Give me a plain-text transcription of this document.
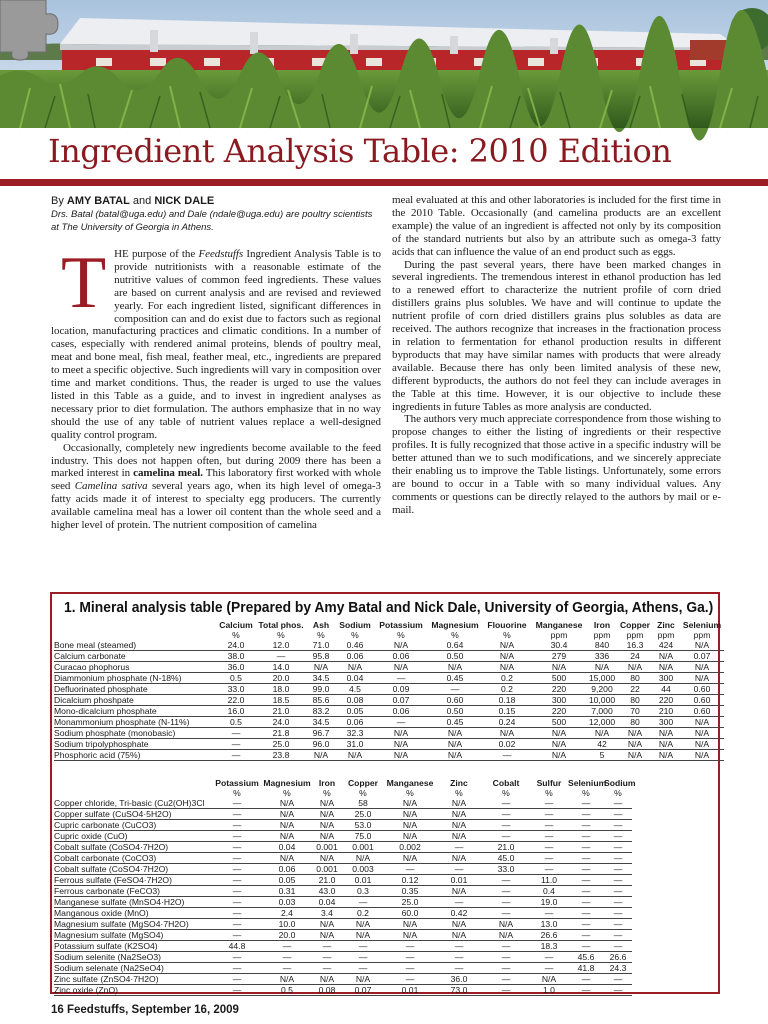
Ingredient Analysis Table: 2010 Edition
By AMY BATAL and NICK DALE
Drs. Batal (batal@uga.edu) and Dale (ndale@uga.edu) are poultry scientists at The University of Georgia in Athens.

THE purpose of the Feedstuffs Ingredient Analysis Table is to provide nutritionists with a reasonable estimate of the nutritive values of common feed ingredients. These values are based on current analysis and are revised and reviewed yearly. For each ingredient listed, significant differences in composition can and do exist due to factors such as regional location, manufacturing practices and climatic conditions. In a number of cases, especially with rendered animal proteins, blends of poultry meal, meat and bone meal, fish meal, feather meal, etc., ingredients are prepared to meet a specific objective. Such ingredients will vary in composition over time and market conditions. Thus, the reader is urged to use the values listed in this Table as a guide, and to invest in ingredient analyses as necessary prior to diet formulation. The authors emphasize that in no way should the use of any table of nutrient values replace a well-designed quality control program.

Occasionally, completely new ingredients become available to the feed industry. This does not happen often, but during 2009 there has been a marked interest in camelina meal. This laboratory first worked with whole seed Camelina sativa several years ago, when its high level of omega-3 fatty acids made it of interest to specialty egg producers. The currently available camelina meal has a lower oil content than the whole seed and a higher level of protein. The nutrient composition of camelina

meal evaluated at this and other laboratories is included for the first time in the 2010 Table. Occasionally (and camelina products are an excellent example) the value of an ingredient is affected not only by its composition of the standard nutrients but also by an attribute such as omega-3 fatty acids that can influence the value of an end product such as eggs.

During the past several years, there have been marked changes in several ingredients. The tremendous interest in ethanol production has led to a renewed effort to characterize the nutrient profile of corn dried distillers grains plus solubles. We have and will continue to update the nutrient profile of corn dried distillers grains plus solubles as data are received. The authors recognize that increases in the fractionation process in relation to fermentation for ethanol production results in different byproducts that may have similar names with products that were already available. Because there has only been limited analysis of these new, different byproducts, the authors do not feel they can include averages in the Table at this time. However, it is our objective to include these ingredients in future Tables as more analysis are conducted.

The authors very much appreciate correspondence from those wishing to propose changes to either the listing of ingredients or their respective profiles. It is fully recognized that those active in a specific industry will be better attuned than we to such modifications, and we sincerely appreciate their enabling us to improve the Table listings. Unfortunately, some errors are bound to occur in a Table with so many individual values. Any comments or questions can be directly relayed to the authors by mail or e-mail.

1. Mineral analysis table (Prepared by Amy Batal and Nick Dale, University of Georgia, Athens, Ga.)
	Calcium	Total phos.	Ash	Sodium	Potassium	Magnesium	Flouorine	Manganese	Iron	Copper	Zinc	Selenium
	%	%	%	%	%	%	%	ppm	ppm	ppm	ppm	ppm
Bone meal (steamed)	24.0	12.0	71.0	0.46	N/A	0.64	N/A	30.4	840	16.3	424	N/A
Calcium carbonate	38.0	—	95.8	0.06	0.06	0.50	N/A	279	336	24	N/A	0.07
Curacao phophorus	36.0	14.0	N/A	N/A	N/A	N/A	N/A	N/A	N/A	N/A	N/A	N/A
Diammonium phosphate (N-18%)	0.5	20.0	34.5	0.04	—	0.45	0.2	500	15,000	80	300	N/A
Defluorinated phosphate	33.0	18.0	99.0	4.5	0.09	—	0.2	220	9,200	22	44	0.60
Dicalcium phoshpate	22.0	18.5	85.6	0.08	0.07	0.60	0.18	300	10,000	80	220	0.60
Mono-dicalcium phosphate	16.0	21.0	83.2	0.05	0.06	0.50	0.15	220	7,000	70	210	0.60
Monammonium phosphate (N-11%)	0.5	24.0	34.5	0.06	—	0.45	0.24	500	12,000	80	300	N/A
Sodium phosphate (monobasic)	—	21.8	96.7	32.3	N/A	N/A	N/A	N/A	N/A	N/A	N/A	N/A
Sodium tripolyphosphate	—	25.0	96.0	31.0	N/A	N/A	0.02	N/A	42	N/A	N/A	N/A
Phosphoric acid (75%)	—	23.8	N/A	N/A	N/A	N/A	—	N/A	5	N/A	N/A	N/A
	Potassium	Magnesium	Iron	Copper	Manganese	Zinc	Cobalt	Sulfur	Selenium	Sodium
	%	%	%	%	%	%	%	%	%	%
Copper chloride, Tri-basic (Cu2(OH)3Cl	—	N/A	N/A	58	N/A	N/A	—	—	—	—
Copper sulfate (CuSO4·5H2O)	—	N/A	N/A	25.0	N/A	N/A	—	—	—	—
Cupric carbonate (CuCO3)	—	N/A	N/A	53.0	N/A	N/A	—	—	—	—
Cupric oxide (CuO)	—	N/A	N/A	75.0	N/A	N/A	—	—	—	—
Cobalt sulfate (CoSO4·7H2O)	—	0.04	0.001	0.001	0.002	—	21.0	—	—	—
Cobalt carbonate (CoCO3)	—	N/A	N/A	N/A	N/A	N/A	45.0	—	—	—
Cobalt sulfate (CoSO4·7H2O)	—	0.06	0.001	0.003	—	—	33.0	—	—	—
Ferrous sulfate (FeSO4·7H2O)	—	0.05	21.0	0.01	0.12	0.01	—	11.0	—	—
Ferrous carbonate (FeCO3)	—	0.31	43.0	0.3	0.35	N/A	—	0.4	—	—
Manganese sulfate (MnSO4·H2O)	—	0.03	0.04	—	25.0	—	—	19.0	—	—
Manganous oxide (MnO)	—	2.4	3.4	0.2	60.0	0.42	—	—	—	—
Magnesium sulfate (MgSO4·7H2O)	—	10.0	N/A	N/A	N/A	N/A	N/A	13.0	—	—
Magnesium sulfate (MgSO4)	—	20.0	N/A	N/A	N/A	N/A	N/A	26.6	—	—
Potassium sulfate (K2SO4)	44.8	—	—	—	—	—	—	18.3	—	—
Sodium selenite (Na2SeO3)	—	—	—	—	—	—	—	—	45.6	26.6
Sodium selenate (Na2SeO4)	—	—	—	—	—	—	—	—	41.8	24.3
Zinc sulfate (ZnSO4·7H2O)	—	N/A	N/A	N/A	—	36.0	—	N/A	—	—
Zinc oxide (ZnO)	—	0.5	0.08	0.07	0.01	73.0	—	1.0	—	—
16 Feedstuffs, September 16, 2009
